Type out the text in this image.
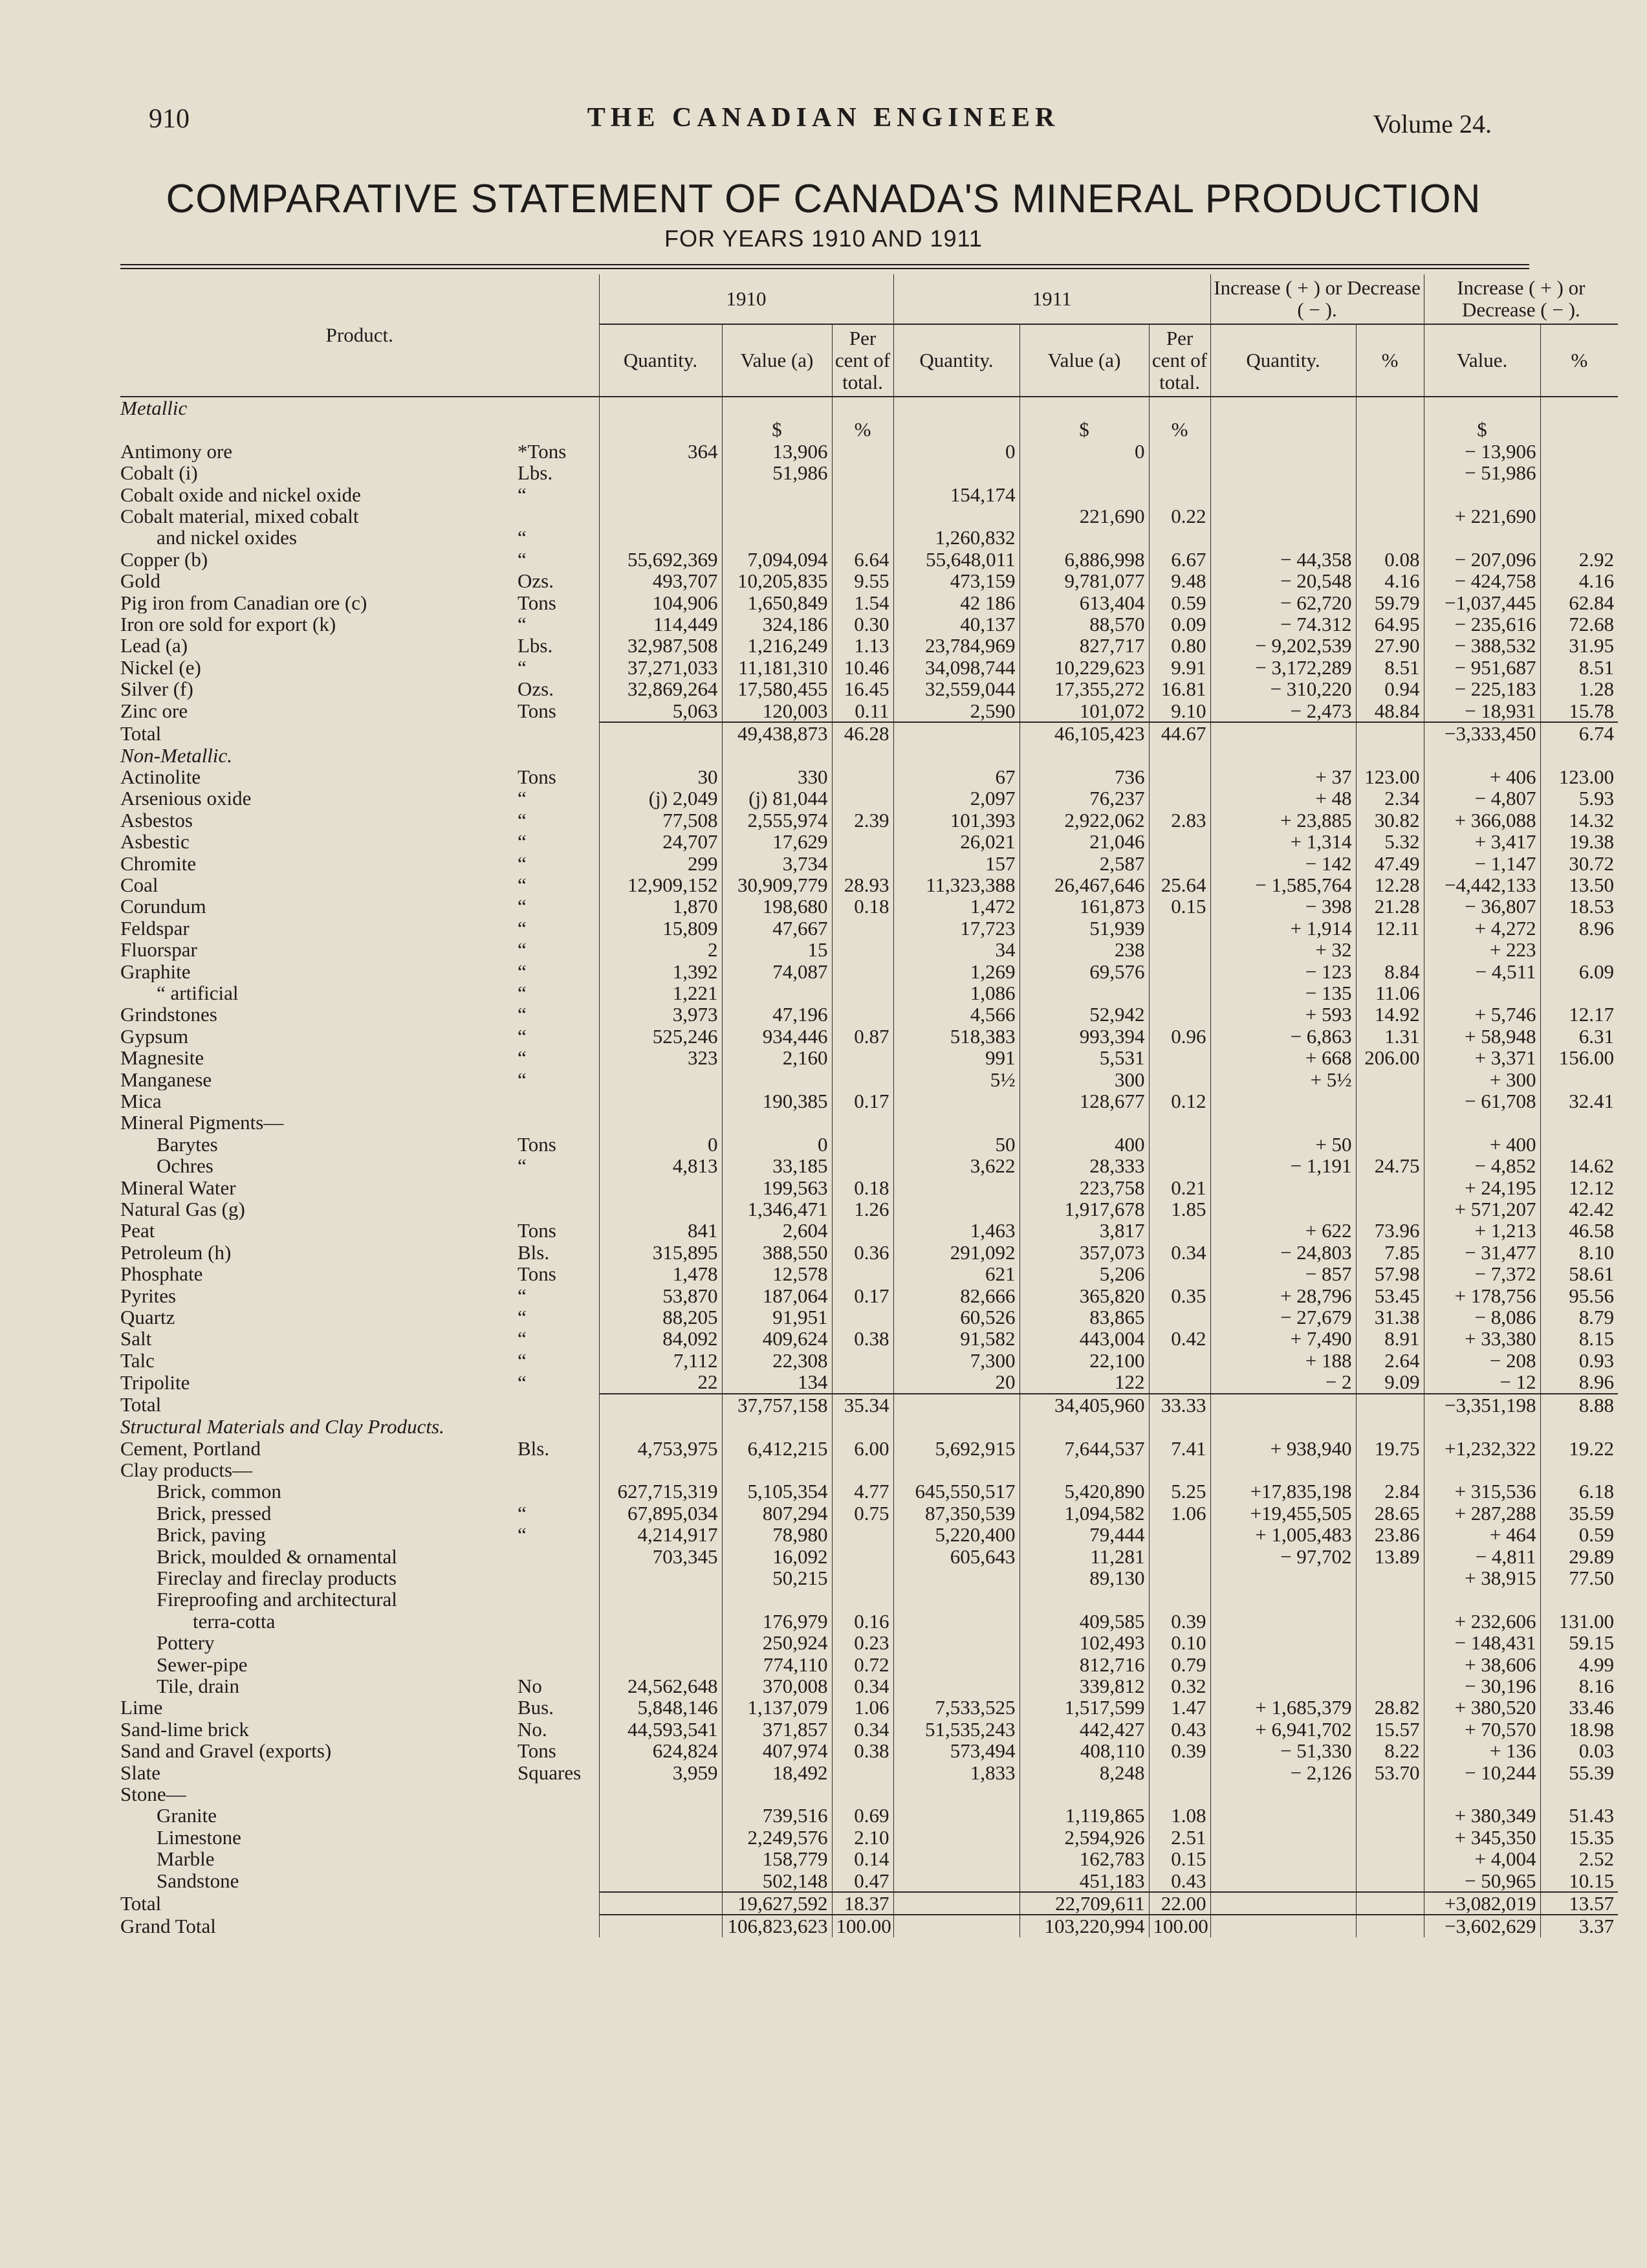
910	THE CANADIAN ENGINEER	Volume 24.
COMPARATIVE STATEMENT OF CANADA'S MINERAL PRODUCTION
FOR YEARS 1910 AND 1911
Product.		1910			1911			Increase ( + ) or Decrease ( − ).		Increase ( + ) or Decrease ( − ).	
		Quantity.	Value (a)	Per cent of total.	Quantity.	Value (a)	Per cent of total.	Quantity.	%	Value.	%
Metallic											
			$	%		$	%			$	
Antimony ore	*Tons	364	13,906		0	0				− 13,906	
Cobalt (i)	Lbs.		51,986							− 51,986	
Cobalt oxide and nickel oxide	“				154,174						
Cobalt material, mixed cobalt						221,690	0.22			+ 221,690	
and nickel oxides	“				1,260,832						
Copper (b)	“	55,692,369	7,094,094	6.64	55,648,011	6,886,998	6.67	− 44,358	0.08	− 207,096	2.92
Gold	Ozs.	493,707	10,205,835	9.55	473,159	9,781,077	9.48	− 20,548	4.16	− 424,758	4.16
Pig iron from Canadian ore (c)	Tons	104,906	1,650,849	1.54	42 186	613,404	0.59	− 62,720	59.79	−1,037,445	62.84
Iron ore sold for export (k)	“	114,449	324,186	0.30	40,137	88,570	0.09	− 74.312	64.95	− 235,616	72.68
Lead (a)	Lbs.	32,987,508	1,216,249	1.13	23,784,969	827,717	0.80	− 9,202,539	27.90	− 388,532	31.95
Nickel (e)	“	37,271,033	11,181,310	10.46	34,098,744	10,229,623	9.91	− 3,172,289	8.51	− 951,687	8.51
Silver (f)	Ozs.	32,869,264	17,580,455	16.45	32,559,044	17,355,272	16.81	− 310,220	0.94	− 225,183	1.28
Zinc ore	Tons	5,063	120,003	0.11	2,590	101,072	9.10	− 2,473	48.84	− 18,931	15.78
Total			49,438,873	46.28		46,105,423	44.67			−3,333,450	6.74
Non-Metallic.											
Actinolite	Tons	30	330		67	736		+ 37	123.00	+ 406	123.00
Arsenious oxide	“	(j) 2,049	(j) 81,044		2,097	76,237		+ 48	2.34	− 4,807	5.93
Asbestos	“	77,508	2,555,974	2.39	101,393	2,922,062	2.83	+ 23,885	30.82	+ 366,088	14.32
Asbestic	“	24,707	17,629		26,021	21,046		+ 1,314	5.32	+ 3,417	19.38
Chromite	“	299	3,734		157	2,587		− 142	47.49	− 1,147	30.72
Coal	“	12,909,152	30,909,779	28.93	11,323,388	26,467,646	25.64	− 1,585,764	12.28	−4,442,133	13.50
Corundum	“	1,870	198,680	0.18	1,472	161,873	0.15	− 398	21.28	− 36,807	18.53
Feldspar	“	15,809	47,667		17,723	51,939		+ 1,914	12.11	+ 4,272	8.96
Fluorspar	“	2	15		34	238		+ 32		+ 223	
Graphite	“	1,392	74,087		1,269	69,576		− 123	8.84	− 4,511	6.09
“ artificial	“	1,221			1,086			− 135	11.06		
Grindstones	“	3,973	47,196		4,566	52,942		+ 593	14.92	+ 5,746	12.17
Gypsum	“	525,246	934,446	0.87	518,383	993,394	0.96	− 6,863	1.31	+ 58,948	6.31
Magnesite	“	323	2,160		991	5,531		+ 668	206.00	+ 3,371	156.00
Manganese	“				5½	300		+ 5½		+ 300	
Mica			190,385	0.17		128,677	0.12			− 61,708	32.41
Mineral Pigments—											
Barytes	Tons	0	0		50	400		+ 50		+ 400	
Ochres	“	4,813	33,185		3,622	28,333		− 1,191	24.75	− 4,852	14.62
Mineral Water			199,563	0.18		223,758	0.21			+ 24,195	12.12
Natural Gas (g)			1,346,471	1.26		1,917,678	1.85			+ 571,207	42.42
Peat	Tons	841	2,604		1,463	3,817		+ 622	73.96	+ 1,213	46.58
Petroleum (h)	Bls.	315,895	388,550	0.36	291,092	357,073	0.34	− 24,803	7.85	− 31,477	8.10
Phosphate	Tons	1,478	12,578		621	5,206		− 857	57.98	− 7,372	58.61
Pyrites	“	53,870	187,064	0.17	82,666	365,820	0.35	+ 28,796	53.45	+ 178,756	95.56
Quartz	“	88,205	91,951		60,526	83,865		− 27,679	31.38	− 8,086	8.79
Salt	“	84,092	409,624	0.38	91,582	443,004	0.42	+ 7,490	8.91	+ 33,380	8.15
Talc	“	7,112	22,308		7,300	22,100		+ 188	2.64	− 208	0.93
Tripolite	“	22	134		20	122		− 2	9.09	− 12	8.96
Total			37,757,158	35.34		34,405,960	33.33			−3,351,198	8.88
Structural Materials and Clay Products.											
Cement, Portland	Bls.	4,753,975	6,412,215	6.00	5,692,915	7,644,537	7.41	+ 938,940	19.75	+1,232,322	19.22
Clay products—											
Brick, common		627,715,319	5,105,354	4.77	645,550,517	5,420,890	5.25	+17,835,198	2.84	+ 315,536	6.18
Brick, pressed	“	67,895,034	807,294	0.75	87,350,539	1,094,582	1.06	+19,455,505	28.65	+ 287,288	35.59
Brick, paving	“	4,214,917	78,980		5,220,400	79,444		+ 1,005,483	23.86	+ 464	0.59
Brick, moulded & ornamental		703,345	16,092		605,643	11,281		− 97,702	13.89	− 4,811	29.89
Fireclay and fireclay products			50,215			89,130				+ 38,915	77.50
Fireproofing and architectural											
terra-cotta			176,979	0.16		409,585	0.39			+ 232,606	131.00
Pottery			250,924	0.23		102,493	0.10			− 148,431	59.15
Sewer-pipe			774,110	0.72		812,716	0.79			+ 38,606	4.99
Tile, drain	No	24,562,648	370,008	0.34		339,812	0.32			− 30,196	8.16
Lime	Bus.	5,848,146	1,137,079	1.06	7,533,525	1,517,599	1.47	+ 1,685,379	28.82	+ 380,520	33.46
Sand-lime brick	No.	44,593,541	371,857	0.34	51,535,243	442,427	0.43	+ 6,941,702	15.57	+ 70,570	18.98
Sand and Gravel (exports)	Tons	624,824	407,974	0.38	573,494	408,110	0.39	− 51,330	8.22	+ 136	0.03
Slate	Squares	3,959	18,492		1,833	8,248		− 2,126	53.70	− 10,244	55.39
Stone—											
Granite			739,516	0.69		1,119,865	1.08			+ 380,349	51.43
Limestone			2,249,576	2.10		2,594,926	2.51			+ 345,350	15.35
Marble			158,779	0.14		162,783	0.15			+ 4,004	2.52
Sandstone			502,148	0.47		451,183	0.43			− 50,965	10.15
Total			19,627,592	18.37		22,709,611	22.00			+3,082,019	13.57
Grand Total			106,823,623	100.00		103,220,994	100.00			−3,602,629	3.37
